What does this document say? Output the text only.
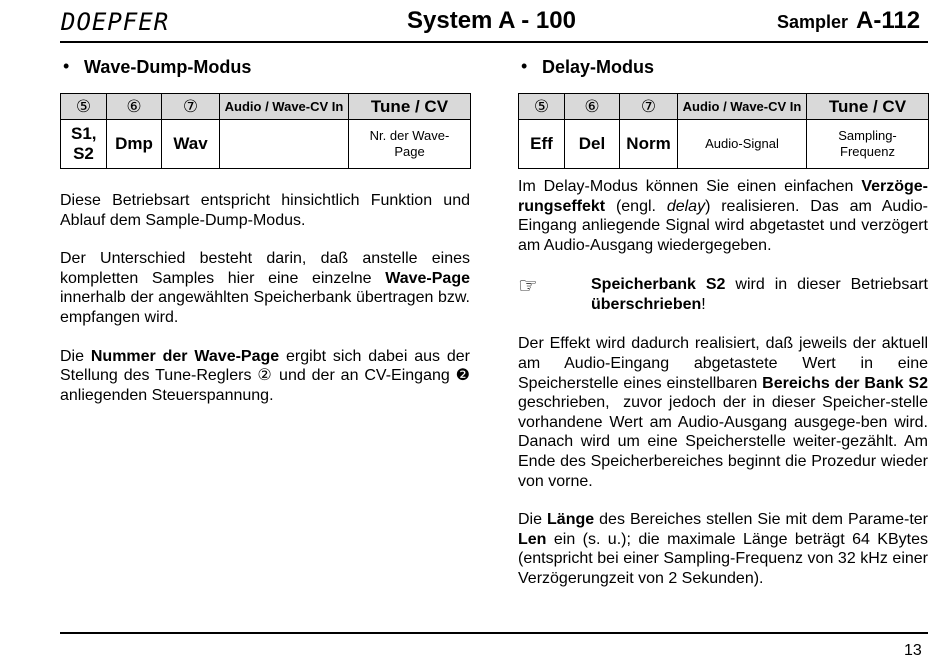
DOEPFER	System A - 100	Sampler A-112
• Wave-Dump-Modus
⑤	⑥	⑦	Audio / Wave-CV In	Tune / CV
S1, S2	Dmp	Wav		Nr. der Wave-Page

Diese Betriebsart entspricht hinsichtlich Funktion und Ablauf dem Sample-Dump-Modus.

Der Unterschied besteht darin, daß anstelle eines kompletten Samples hier eine einzelne Wave-Page innerhalb der angewählten Speicherbank übertragen bzw. empfangen wird.

Die Nummer der Wave-Page ergibt sich dabei aus der Stellung des Tune-Reglers ② und der an CV-Eingang ❷ anliegenden Steuerspannung.

• Delay-Modus
⑤	⑥	⑦	Audio / Wave-CV In	Tune / CV
Eff	Del	Norm	Audio-Signal	Sampling-Frequenz

Im Delay-Modus können Sie einen einfachen Verzöge-rungseffekt (engl. delay) realisieren. Das am Audio-Eingang anliegende Signal wird abgetastet und verzögert am Audio-Ausgang wiedergegeben.

☞	Speicherbank S2 wird in dieser Betriebsart überschrieben!

Der Effekt wird dadurch realisiert, daß jeweils der aktuell am Audio-Eingang abgetastete Wert in eine Speicherstelle eines einstellbaren Bereichs der Bank S2 geschrieben,  zuvor jedoch der in dieser Speicher-stelle vorhandene Wert am Audio-Ausgang ausgege-ben wird. Danach wird um eine Speicherstelle weiter-gezählt. Am Ende des Speicherbereiches beginnt die Prozedur wieder von vorne.

Die Länge des Bereiches stellen Sie mit dem Parame-ter Len ein (s. u.); die maximale Länge beträgt 64 KBytes (entspricht bei einer Sampling-Frequenz von 32 kHz einer Verzögerungzeit von 2 Sekunden).

13
